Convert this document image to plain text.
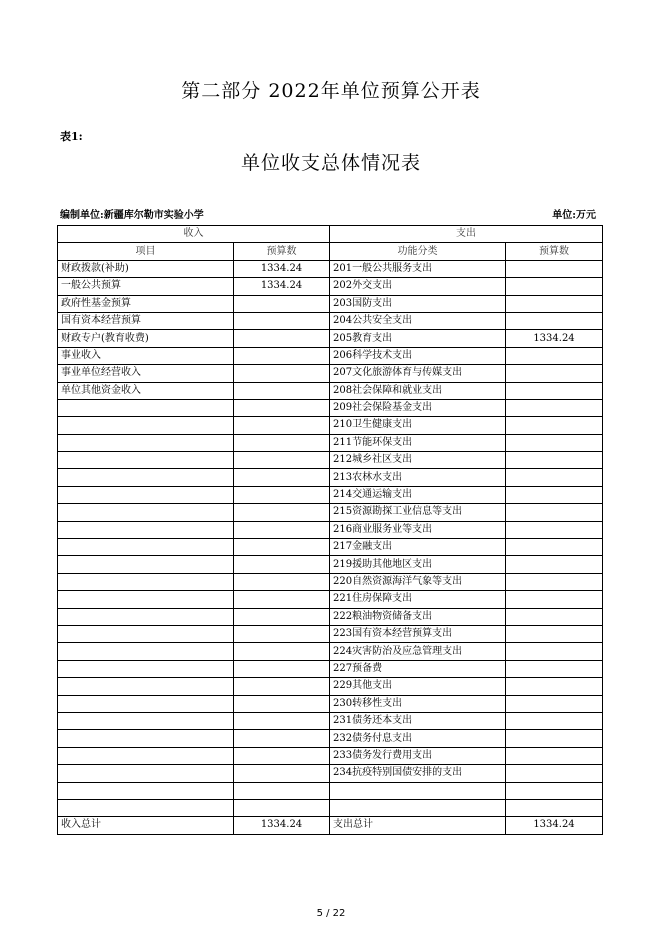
第二部分 2022年单位预算公开表
表1:
单位收支总体情况表
编制单位:新疆库尔勒市实验小学	单位:万元
收入		支出	
项目	预算数	功能分类	预算数
财政拨款(补助)	1334.24	201一般公共服务支出	
一般公共预算	1334.24	202外交支出	
政府性基金预算		203国防支出	
国有资本经营预算		204公共安全支出	
财政专户(教育收费)		205教育支出	1334.24
事业收入		206科学技术支出	
事业单位经营收入		207文化旅游体育与传媒支出	
单位其他资金收入		208社会保障和就业支出	
		209社会保险基金支出	
		210卫生健康支出	
		211节能环保支出	
		212城乡社区支出	
		213农林水支出	
		214交通运输支出	
		215资源勘探工业信息等支出	
		216商业服务业等支出	
		217金融支出	
		219援助其他地区支出	
		220自然资源海洋气象等支出	
		221住房保障支出	
		222粮油物资储备支出	
		223国有资本经营预算支出	
		224灾害防治及应急管理支出	
		227预备费	
		229其他支出	
		230转移性支出	
		231债务还本支出	
		232债务付息支出	
		233债务发行费用支出	
		234抗疫特别国债安排的支出	

收入总计	1334.24	支出总计	1334.24
5 / 22
